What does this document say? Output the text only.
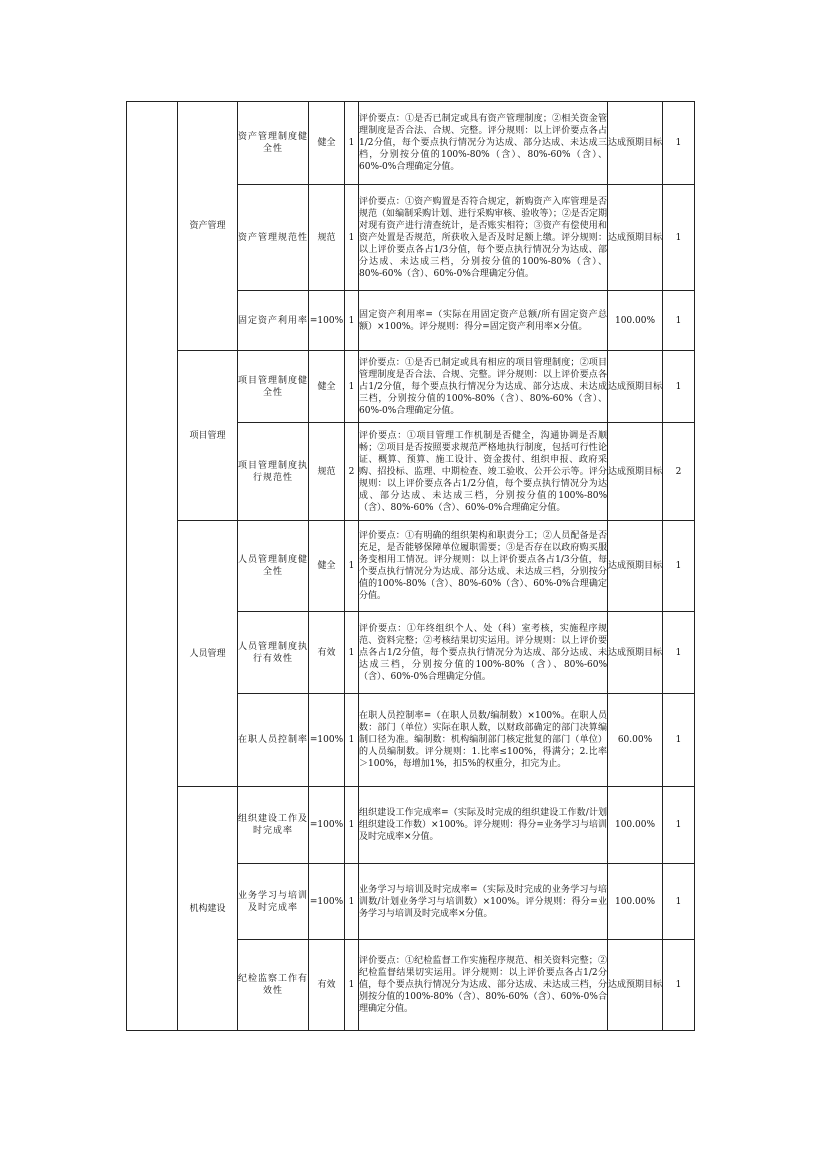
	资产管理	资产管理制度健全性	健全	1	评价要点：①是否已制定或具有资产管理制度；②相关资金管理制度是否合法、合规、完整。评分规则：以上评价要点各占1/2分值，每个要点执行情况分为达成、部分达成、未达成三档，分别按分值的100%-80%（含）、80%-60%（含）、60%-0%合理确定分值。	达成预期目标	1
		资产管理规范性	规范	1	评价要点：①资产购置是否符合规定，新购资产入库管理是否规范（如编制采购计划、进行采购审核、验收等）；②是否定期对现有资产进行清查统计，是否账实相符；③资产有偿使用和资产处置是否规范，所获收入是否及时足额上缴。评分规则：以上评价要点各占1/3分值，每个要点执行情况分为达成、部分达成、未达成三档，分别按分值的100%-80%（含）、80%-60%（含）、60%-0%合理确定分值。	达成预期目标	1
		固定资产利用率	=100%	1	固定资产利用率=（实际在用固定资产总额/所有固定资产总额）×100%。评分规则：得分=固定资产利用率×分值。	100.00%	1
	项目管理	项目管理制度健全性	健全	1	评价要点：①是否已制定或具有相应的项目管理制度；②项目管理制度是否合法、合规、完整。评分规则：以上评价要点各占1/2分值，每个要点执行情况分为达成、部分达成、未达成三档，分别按分值的100%-80%（含）、80%-60%（含）、60%-0%合理确定分值。	达成预期目标	1
		项目管理制度执行规范性	规范	2	评价要点：①项目管理工作机制是否健全，沟通协调是否顺畅；②项目是否按照要求规范严格地执行制度，包括可行性论证、概算、预算、施工设计、资金拨付、组织申报、政府采购、招投标、监理、中期检查、竣工验收、公开公示等。评分规则：以上评价要点各占1/2分值，每个要点执行情况分为达成、部分达成、未达成三档，分别按分值的100%-80%（含）、80%-60%（含）、60%-0%合理确定分值。	达成预期目标	2
	人员管理	人员管理制度健全性	健全	1	评价要点：①有明确的组织架构和职责分工；②人员配备是否充足，是否能够保障单位履职需要；③是否存在以政府购买服务变相用工情况。评分规则：以上评价要点各占1/3分值，每个要点执行情况分为达成、部分达成、未达成三档，分别按分值的100%-80%（含）、80%-60%（含）、60%-0%合理确定分值。	达成预期目标	1
		人员管理制度执行有效性	有效	1	评价要点：①年终组织个人、处（科）室考核，实施程序规范、资料完整；②考核结果切实运用。评分规则：以上评价要点各占1/2分值，每个要点执行情况分为达成、部分达成、未达成三档，分别按分值的100%-80%（含）、80%-60%（含）、60%-0%合理确定分值。	达成预期目标	1
		在职人员控制率	=100%	1	在职人员控制率=（在职人员数/编制数）×100%。在职人员数：部门（单位）实际在职人数，以财政部确定的部门决算编制口径为准。编制数：机构编制部门核定批复的部门（单位）的人员编制数。评分规则：1.比率≤100%，得满分；2.比率＞100%，每增加1%，扣5%的权重分，扣完为止。	60.00%	1
	机构建设	组织建设工作及时完成率	=100%	1	组织建设工作完成率=（实际及时完成的组织建设工作数/计划组织建设工作数）×100%。评分规则：得分=业务学习与培训及时完成率×分值。	100.00%	1
		业务学习与培训及时完成率	=100%	1	业务学习与培训及时完成率=（实际及时完成的业务学习与培训数/计划业务学习与培训数）×100%。评分规则：得分=业务学习与培训及时完成率×分值。	100.00%	1
		纪检监察工作有效性	有效	1	评价要点：①纪检监督工作实施程序规范、相关资料完整；②纪检监督结果切实运用。评分规则：以上评价要点各占1/2分值，每个要点执行情况分为达成、部分达成、未达成三档，分别按分值的100%-80%（含）、80%-60%（含）、60%-0%合理确定分值。	达成预期目标	1
